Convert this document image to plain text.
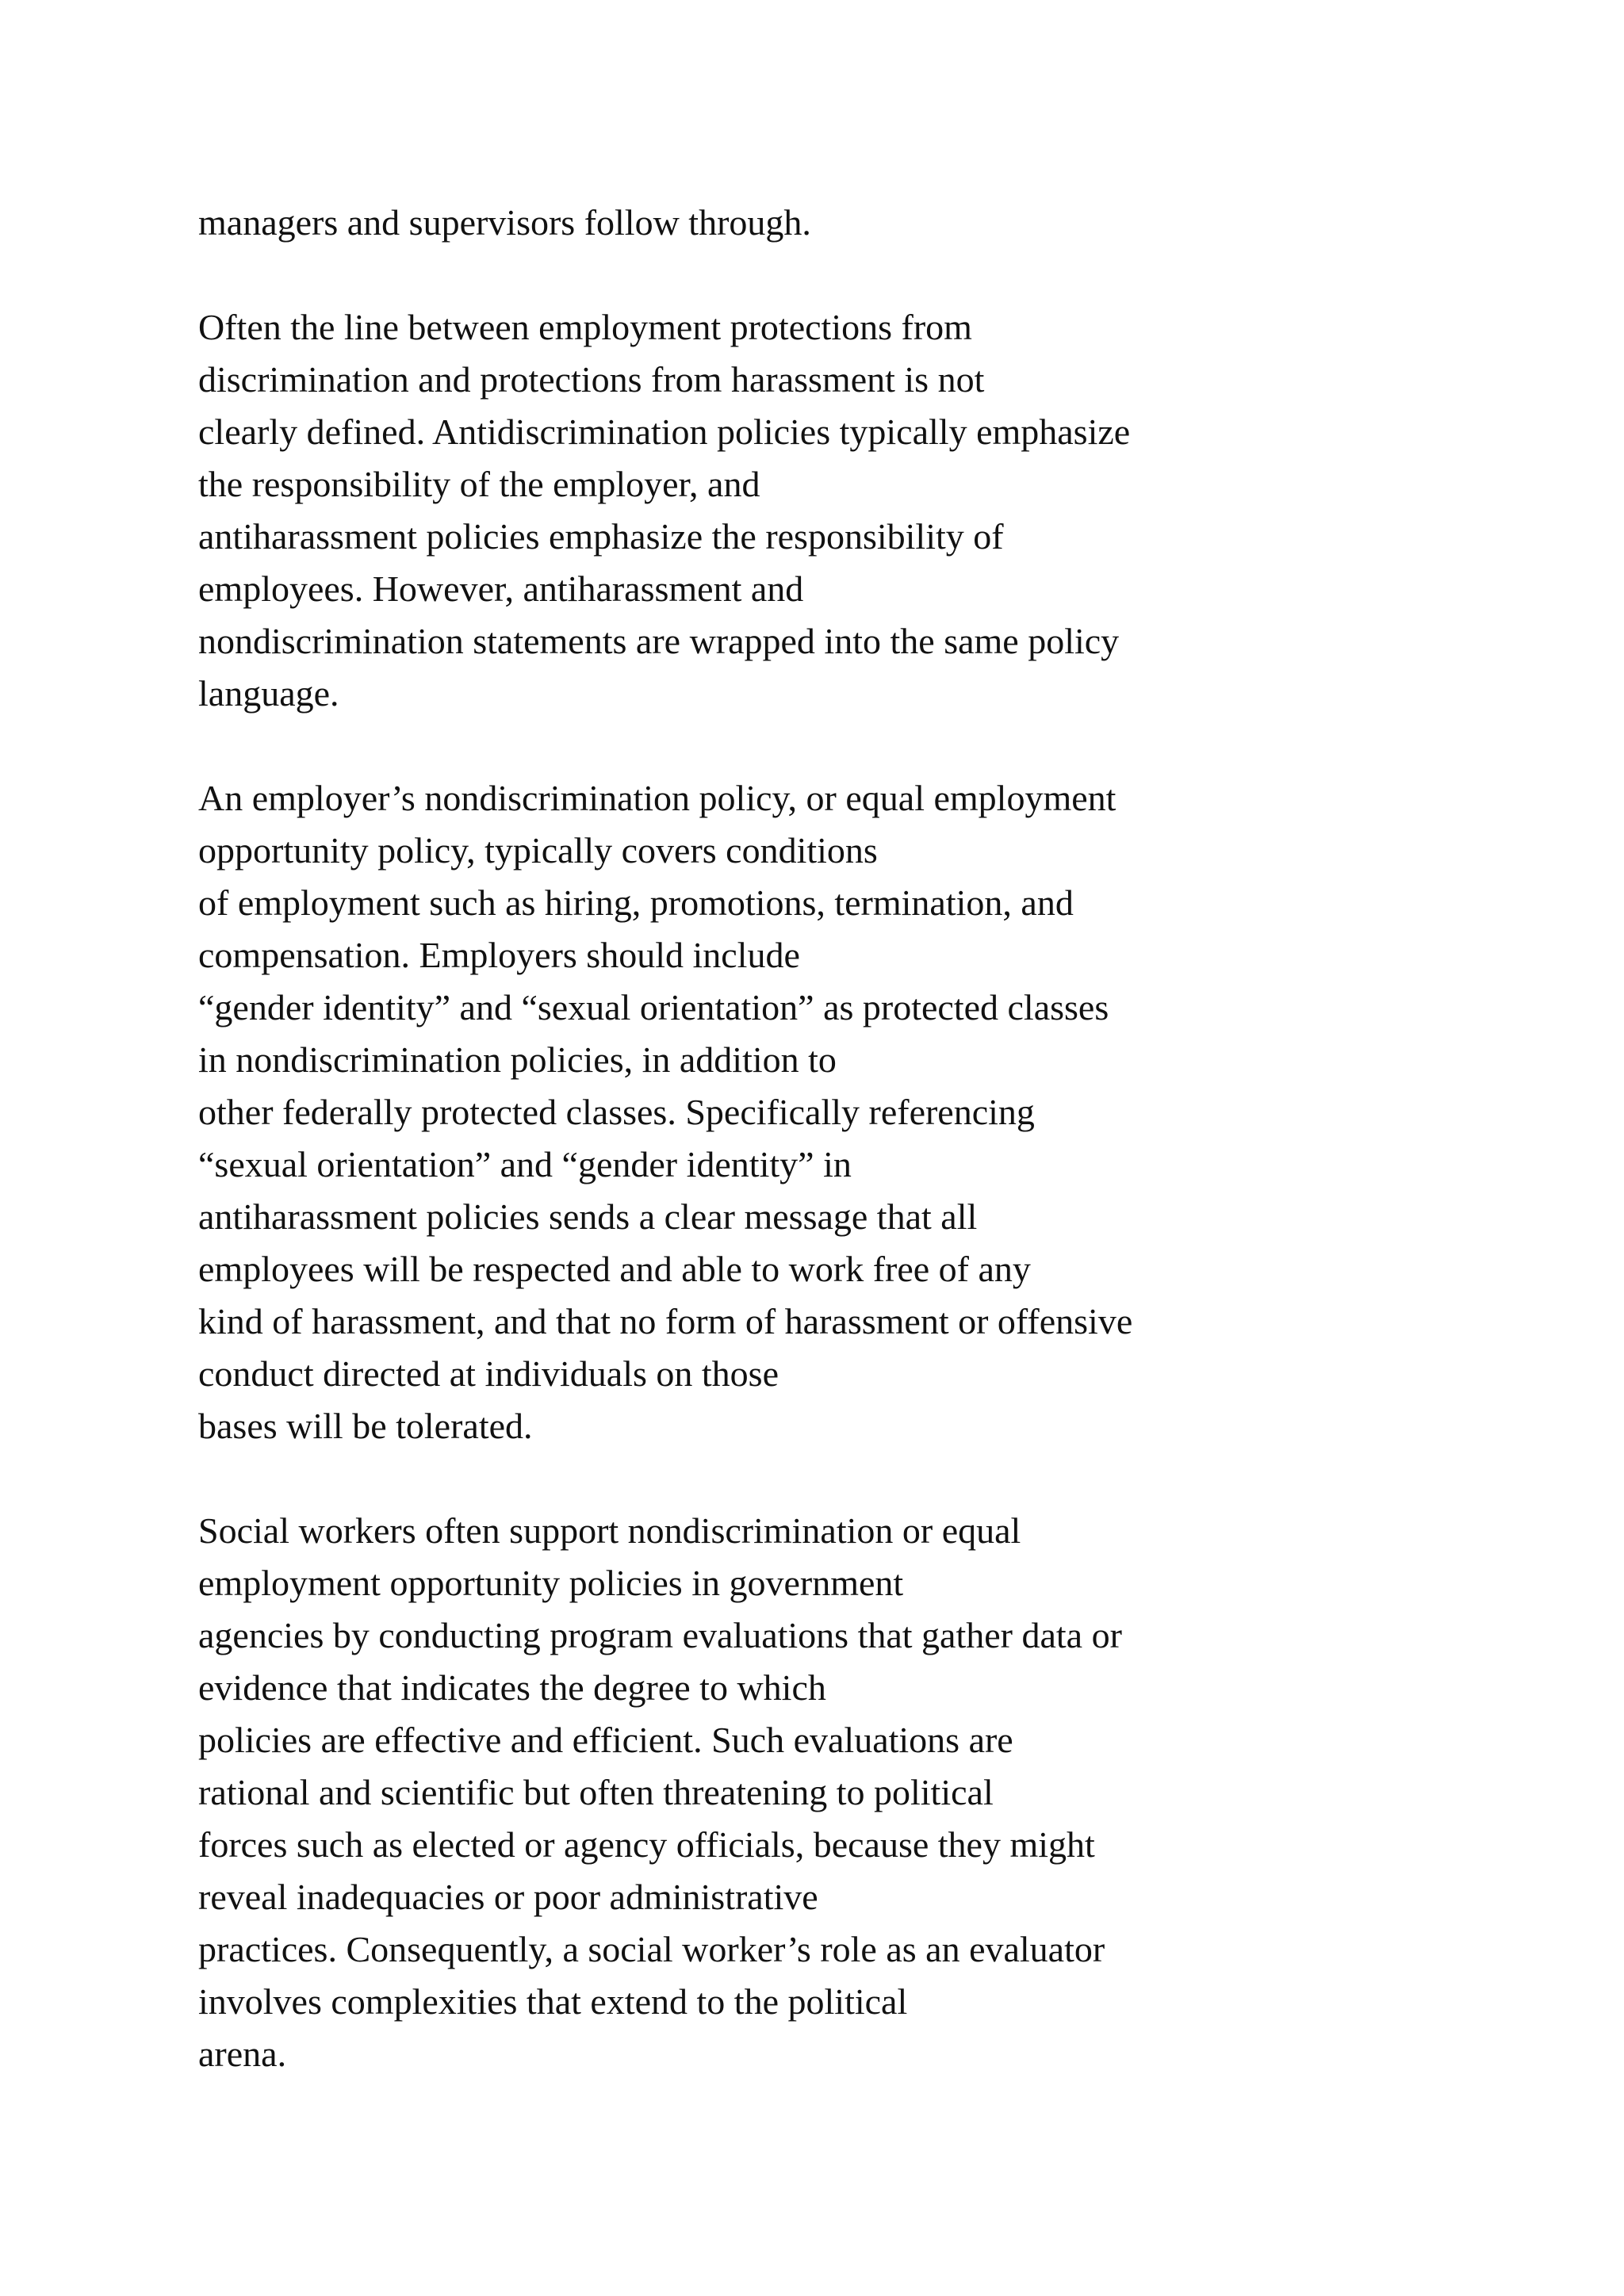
managers and supervisors follow through.
Often the line between employment protections from
discrimination and protections from harassment is not
clearly defined. Antidiscrimination policies typically emphasize
the responsibility of the employer, and
antiharassment policies emphasize the responsibility of
employees. However, antiharassment and
nondiscrimination statements are wrapped into the same policy
language.
An employer’s nondiscrimination policy, or equal employment
opportunity policy, typically covers conditions
of employment such as hiring, promotions, termination, and
compensation. Employers should include
“gender identity” and “sexual orientation” as protected classes
in nondiscrimination policies, in addition to
other federally protected classes. Specifically referencing
“sexual orientation” and “gender identity” in
antiharassment policies sends a clear message that all
employees will be respected and able to work free of any
kind of harassment, and that no form of harassment or offensive
conduct directed at individuals on those
bases will be tolerated.
Social workers often support nondiscrimination or equal
employment opportunity policies in government
agencies by conducting program evaluations that gather data or
evidence that indicates the degree to which
policies are effective and efficient. Such evaluations are
rational and scientific but often threatening to political
forces such as elected or agency officials, because they might
reveal inadequacies or poor administrative
practices. Consequently, a social worker’s role as an evaluator
involves complexities that extend to the political
arena.
